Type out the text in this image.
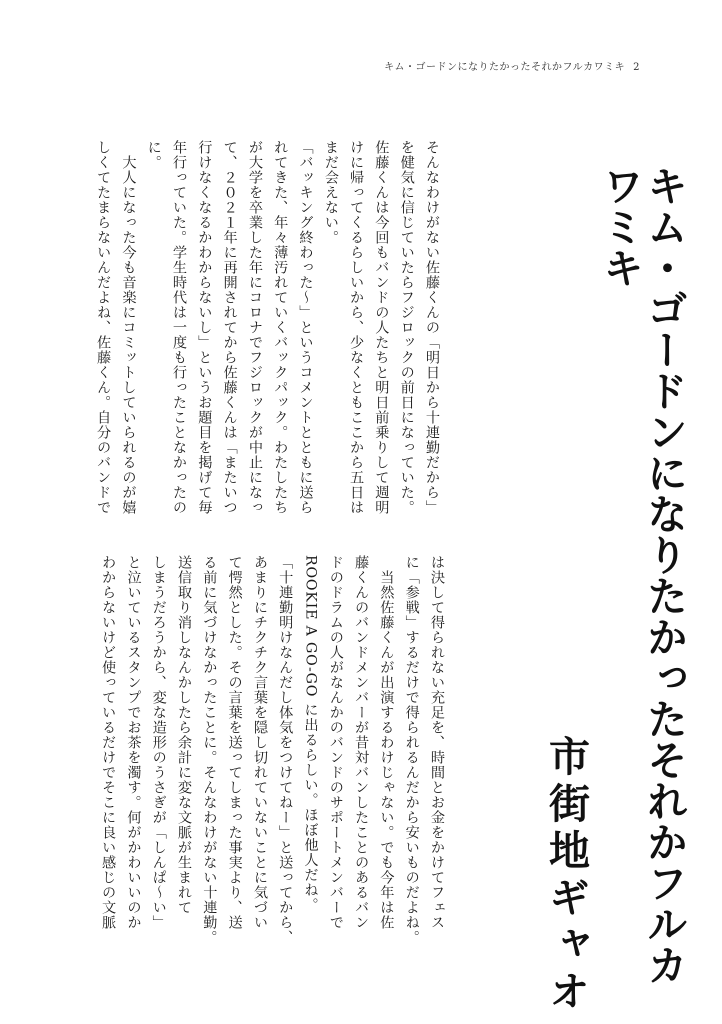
キム・ゴードンになりたかったそれかフルカワミキ 2
キム・ゴードンになりたかったそれかフルカワミキ
市街地ギャオ
そんなわけがない佐藤くんの「明日から十連勤だから」
を健気に信じていたらフジロックの前日になっていた。
佐藤くんは今回もバンドの人たちと明日前乗りして週明
けに帰ってくるらしいから、少なくともここから五日は
まだ会えない。
「バッキング終わった～」というコメントとともに送ら
れてきた、年々薄汚れていくバックパック。わたしたち
が大学を卒業した年にコロナでフジロックが中止になっ
て、２０２１年に再開されてから佐藤くんは「またいつ
行けなくなるかわからないし」というお題目を掲げて毎
年行っていた。学生時代は一度も行ったことなかったの
に。
　大人になった今も音楽にコミットしていられるのが嬉
しくてたまらないんだよね、佐藤くん。自分のバンドで
は決して得られない充足を、時間とお金をかけてフェス
に「参戦」するだけで得られるんだから安いものだよね。
　当然佐藤くんが出演するわけじゃない。でも今年は佐
藤くんのバンドメンバーが昔対バンしたことのあるバン
ドのドラムの人がなんかのバンドのサポートメンバーで
ROOKIE A GO-GO に出るらしい。ほぼ他人だね。
「十連勤明けなんだし体気をつけてねー」と送ってから、
あまりにチクチク言葉を隠し切れていないことに気づい
て愕然とした。その言葉を送ってしまった事実より、送
る前に気づけなかったことに。そんなわけがない十連勤。
送信取り消しなんかしたら余計に変な文脈が生まれて
しまうだろうから、変な造形のうさぎが「しんぱ～い」
と泣いているスタンプでお茶を濁す。何がかわいいのか
わからないけど使っているだけでそこに良い感じの文脈
